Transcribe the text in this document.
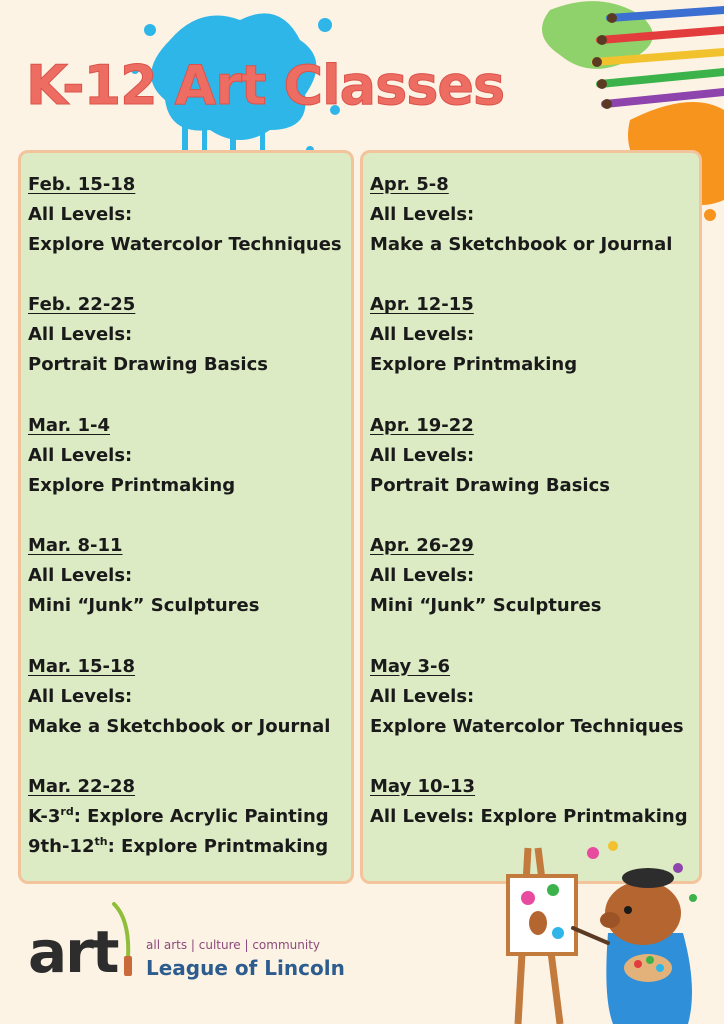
K-12 Art Classes
Feb. 15-18
All Levels:
Explore Watercolor Techniques
Feb. 22-25
All Levels:
Portrait Drawing Basics
Mar. 1-4
All Levels:
Explore Printmaking
Mar. 8-11
All Levels:
Mini “Junk” Sculptures
Mar. 15-18
All Levels:
Make a Sketchbook or Journal
Mar. 22-28
K-3rd: Explore Acrylic Painting
9th-12th: Explore Printmaking
Apr. 5-8
All Levels:
Make a Sketchbook or Journal
Apr. 12-15
All Levels:
Explore Printmaking
Apr. 19-22
All Levels:
Portrait Drawing Basics
Apr. 26-29
All Levels:
Mini “Junk” Sculptures
May 3-6
All Levels:
Explore Watercolor Techniques
May 10-13
All Levels: Explore Printmaking
art all arts | culture | community
League of Lincoln
